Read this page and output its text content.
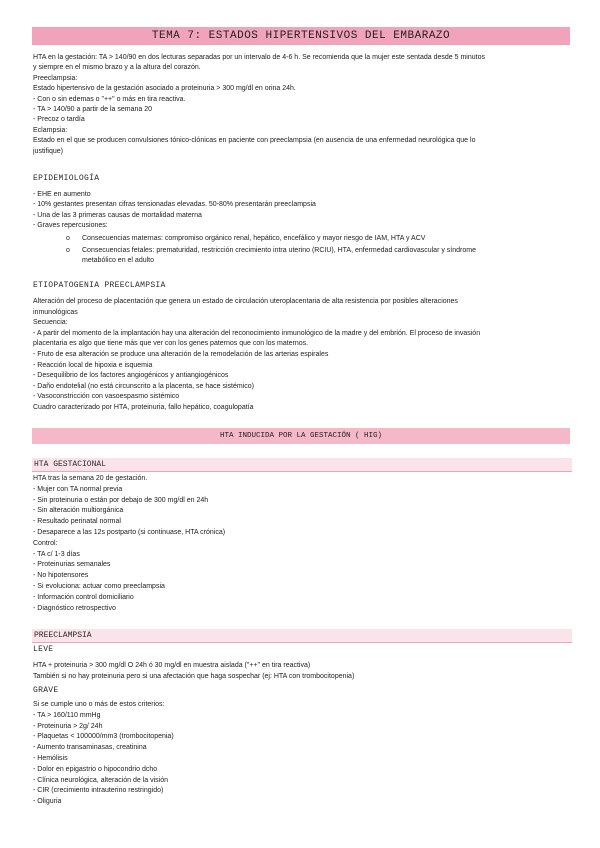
TEMA 7: ESTADOS HIPERTENSIVOS DEL EMBARAZO
HTA en la gestación: TA > 140/90 en dos lecturas separadas por un intervalo de 4-6 h. Se recomienda que la mujer este sentada desde 5 minutos
y siempre en el mismo brazo y a la altura del corazón.
Preeclampsia:
Estado hipertensivo de la gestación asociado a proteinuria > 300 mg/dl en orina 24h.
- Con o sin edemas o "++" o más en tira reactiva.
- TA > 140/90 a partir de la semana 20
- Precoz o tardía
Eclampsia:
Estado en el que se producen convulsiones tónico-clónicas en paciente con preeclampsia (en ausencia de una enfermedad neurológica que lo
justifique)
EPIDEMIOLOGÍA
- EHE en aumento
- 10% gestantes presentan cifras tensionadas elevadas. 50-80% presentarán preeclampsia
- Una de las 3 primeras causas de mortalidad materna
- Graves repercusiones:
o Consecuencias maternas: compromiso orgánico renal, hepático, encefálico y mayor riesgo de IAM, HTA y ACV
o Consecuencias fetales: prematuridad, restricción crecimiento intra uterino (RCIU), HTA, enfermedad cardiovascular y síndrome
metabólico en el adulto
ETIOPATOGENIA PREECLAMPSIA
Alteración del proceso de placentación que genera un estado de circulación uteroplacentaria de alta resistencia por posibles alteraciones
inmunológicas
Secuencia:
- A partir del momento de la implantación hay una alteración del reconocimiento inmunológico de la madre y del embrión. El proceso de invasión
placentaria es algo que tiene más que ver con los genes paternos que con los maternos.
- Fruto de esa alteración se produce una alteración de la remodelación de las arterias espirales
- Reacción local de hipoxia e isquemia
- Desequilibrio de los factores angiogénicos y antiangiogénicos
- Daño endotelial (no está circunscrito a la placenta, se hace sistémico)
- Vasoconstricción con vasoespasmo sistémico
Cuadro caracterizado por HTA, proteinuria, fallo hepático, coagulopatía
HTA INDUCIDA POR LA GESTACIÓN ( HIG)
HTA GESTACIONAL
HTA tras la semana 20 de gestación.
- Mujer con TA normal previa
- Sin proteinuria o están por debajo de 300 mg/dl en 24h
- Sin alteración multiorgánica
- Resultado perinatal normal
- Desaparece a las 12s postparto (si continuase, HTA crónica)
Control:
- TA c/ 1-3 días
- Proteinurias semanales
- No hipotensores
- Si evoluciona: actuar como preeclampsia
- Información control domiciliario
- Diagnóstico retrospectivo
PREECLAMPSIA
LEVE
HTA + proteinuria > 300 mg/dl O 24h ó 30 mg/dl en muestra aislada ("++" en tira reactiva)
También si no hay proteinuria pero si una afectación que haga sospechar (ej: HTA con trombocitopenia)
GRAVE
Si se cumple uno o más de estos criterios:
- TA > 160/110 mmHg
- Proteinuria > 2g/ 24h
- Plaquetas < 100000/mm3 (trombocitopenia)
- Aumento transaminasas, creatinina
- Hemólisis
- Dolor en epigastrio o hipocondrio dcho
- Clínica neurológica, alteración de la visión
- CIR (crecimiento intrauterino restringido)
- Oliguria
